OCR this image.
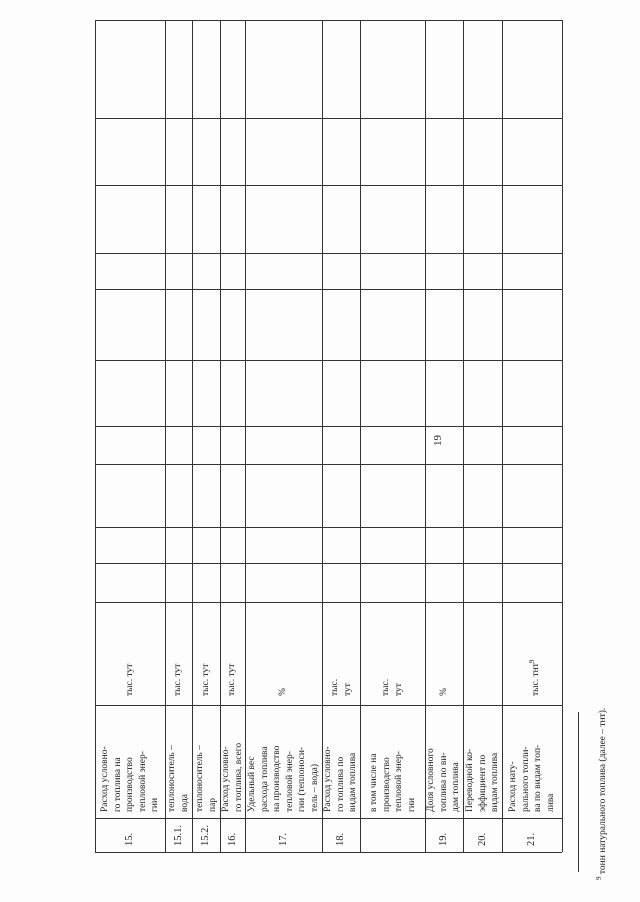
19
15.
Расход условно-
го топлива на
производство
тепловой энер-
гии
тыс. тут
15.1.
теплоноситель –
вода
тыс. тут
15.2.
теплоноситель –
пар
тыс. тут
16.
Расход условно-
го топлива, всего
тыс. тут
17.
Удельный вес
расхода топлива
на производство
тепловой энер-
гии (теплоноси-
тель – вода)
%
18.
Расход условно-
го топлива по
видам топлива
тыс.
тут
в том числе на
производство
тепловой энер-
гии
тыс.
тут
19.
Доля условного
топлива по ви-
дам топлива
%
20.
Переводной ко-
эффициент по
видам топлива
21.
Расход нату-
рального топли-
ва по видам топ-
лива
тыс. тнт$^9$
$^9$ тонн натурального топлива (далее – тнт).
